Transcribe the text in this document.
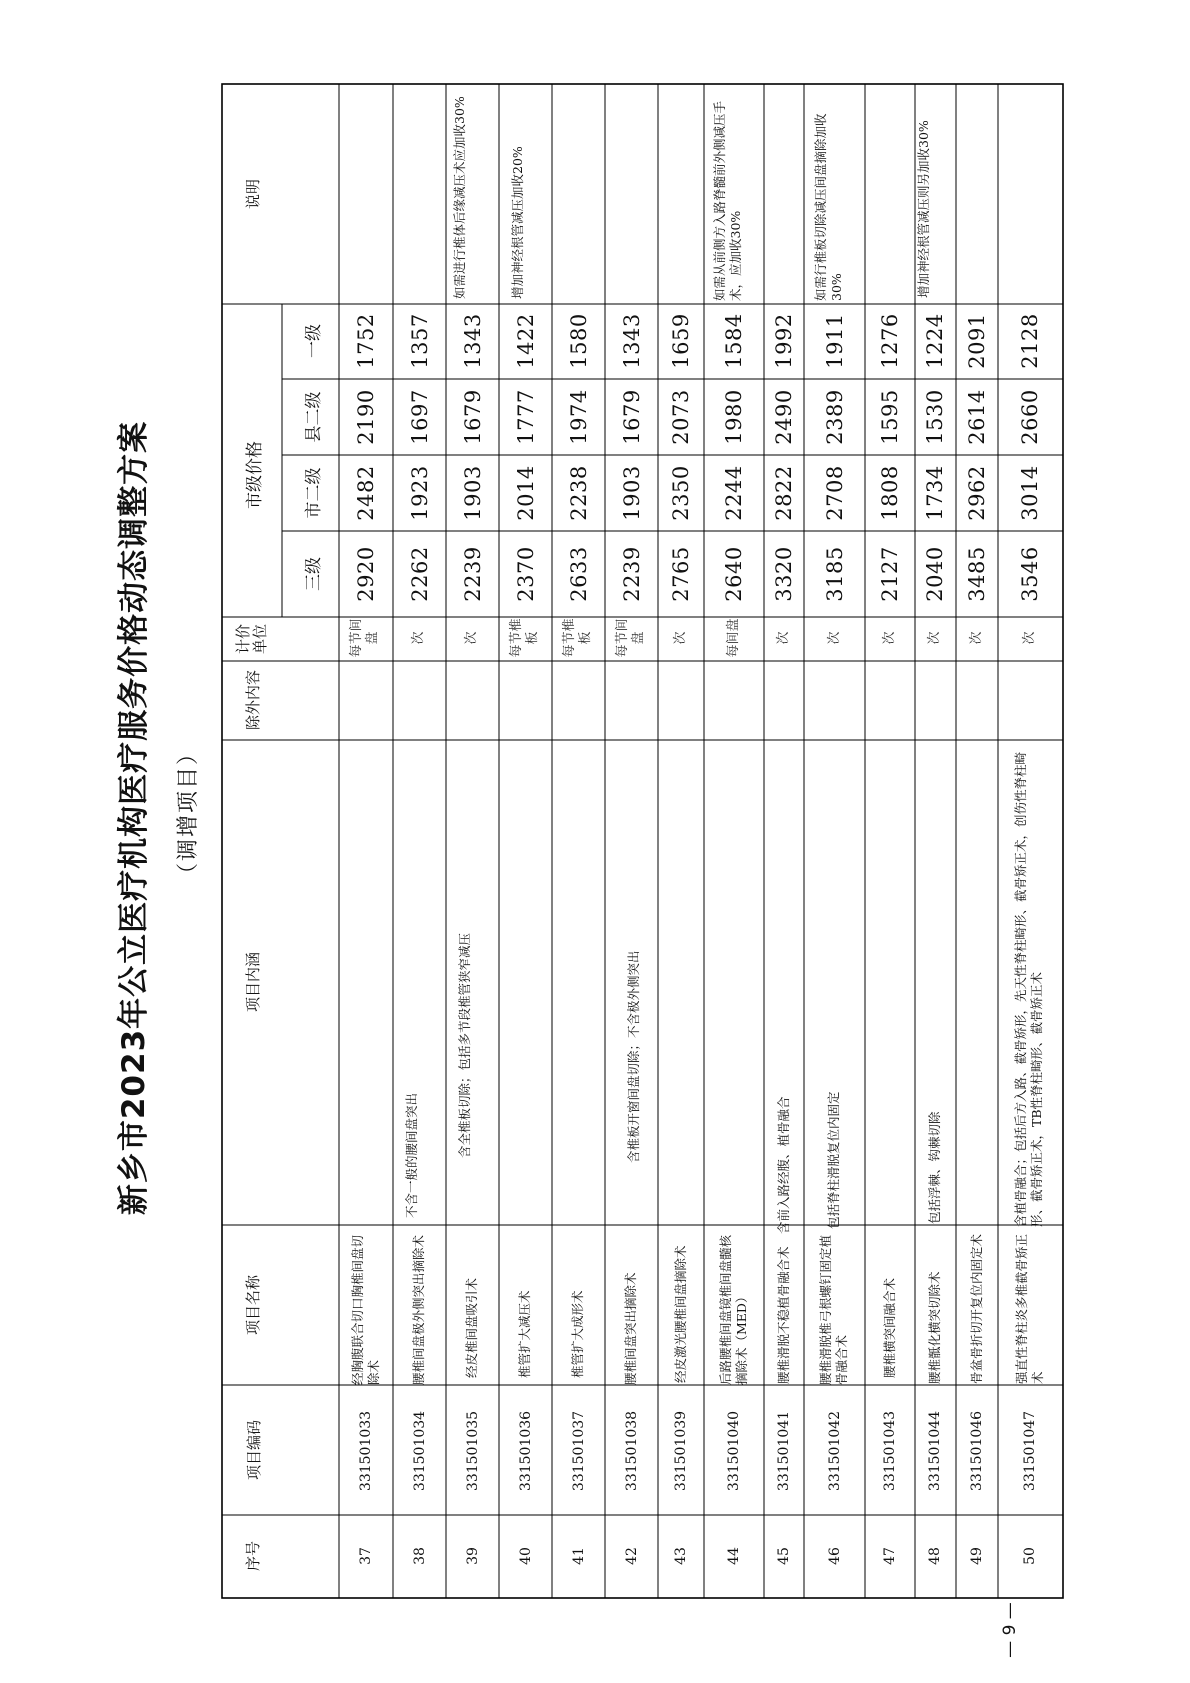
新乡市2023年公立医疗机构医疗服务价格动态调整方案 （调增项目）
序号
项目编码
项目名称
项目内涵
除外内容
计价单位
市级价格
三级
市二级
县二级
一级
说明
37
331501033
经胸腹联合切口胸椎间盘切除术
2920
2482
2190
1752
每节间盘
38
331501034
腰椎间盘极外侧突出摘除术
不含一般的腰间盘突出
次
2262
1923
1697
1357
39
331501035
经皮椎间盘吸引术
次
2239
1903
1679
1343
如需进行椎体后缘减压术应加收30%
40
331501036
椎管扩大减压术
含全椎板切除；包括多节段椎管狭窄减压
每节椎板
2370
2014
1777
1422
增加神经根管减压加收20%
41
331501037
椎管扩大成形术
每节椎板
2633
2238
1974
1580
42
331501038
腰椎间盘突出摘除术
含椎板开窗间盘切除；不含极外侧突出
每节间盘
2239
1903
1679
1343
43
331501039
经皮激光腰椎间盘摘除术
次
2765
2350
2073
1659
44
331501040
后路腰椎间盘镜椎间盘髓核摘除术（MED）
每间盘
2640
2244
1980
1584
如需从前侧方入路脊髓前外侧减压手术，应加收30%
45
331501041
腰椎滑脱不稳植骨融合术
含前入路经腹、植骨融合
次
3320
2822
2490
1992
46
331501042
腰椎滑脱椎弓根螺钉固定植骨融合术
包括脊柱滑脱复位内固定
次
3185
2708
2389
1911
如需行椎板切除减压间盘摘除加收30%
47
331501043
腰椎横突间融合术
次
2127
1808
1595
1276
48
331501044
腰椎骶化横突切除术
包括浮棘、钩棘切除
次
2040
1734
1530
1224
增加神经根管减压则另加收30%
49
331501046
骨盆骨折切开复位内固定术
次
3485
2962
2614
2091
50
331501047
强直性脊柱炎多椎截骨矫正术
含植骨融合；包括后方入路、截骨矫形，先天性脊柱畸形、截骨矫正术，创伤性脊柱畸形、截骨矫正术，TB性脊柱畸形、截骨矫正术
次
3546
3014
2660
2128
—
9
—
